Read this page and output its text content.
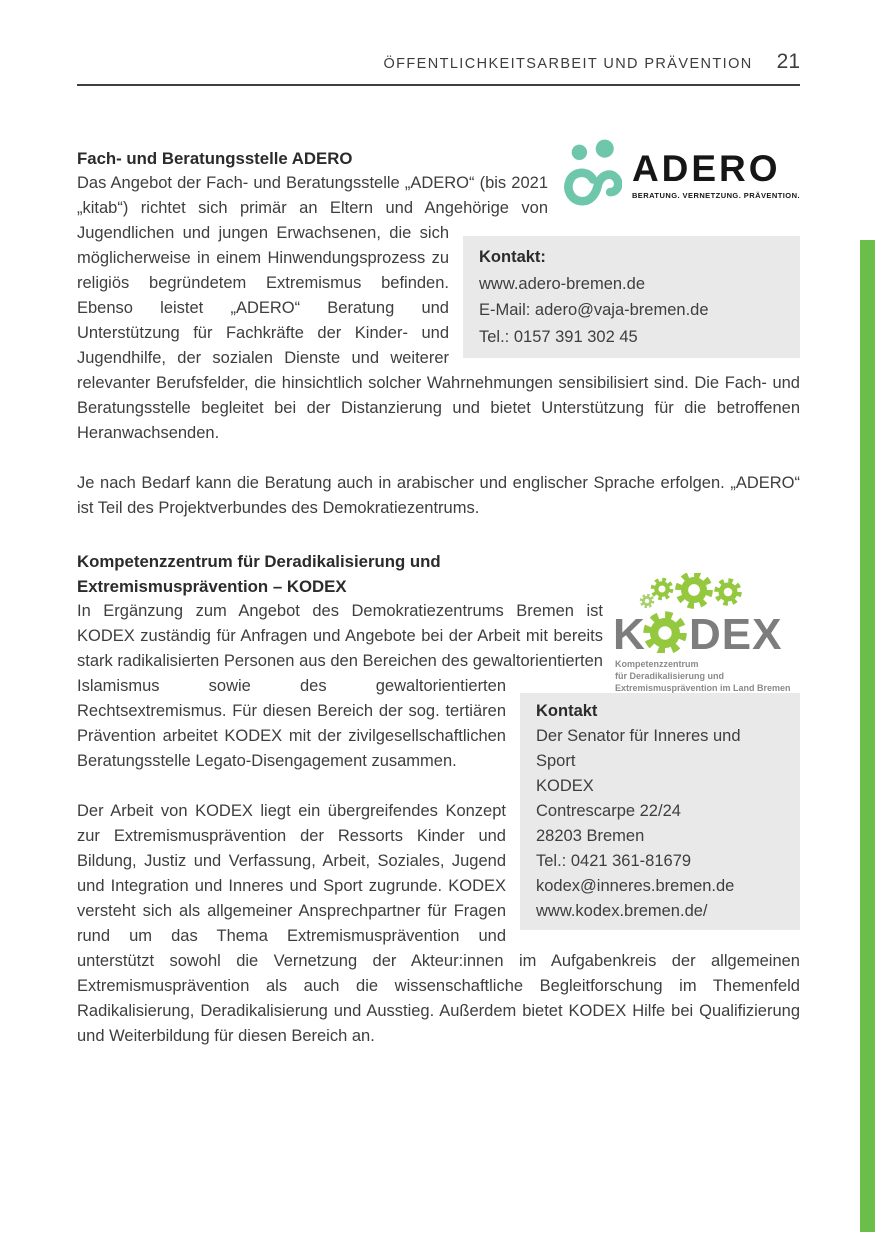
ÖFFENTLICHKEITSARBEIT UND PRÄVENTION 21
ADERO
BERATUNG. VERNETZUNG. PRÄVENTION.
Kontakt:
www.adero-bremen.de
E-Mail: adero@vaja-bremen.de
Tel.: 0157 391 302 45
Fach- und Beratungsstelle ADERO

Das Angebot der Fach- und Beratungsstelle „ADERO“ (bis 2021 „kitab“) richtet sich primär an Eltern und Angehörige von Jugendlichen und jungen Erwachsenen, die sich möglicherweise in einem Hinwendungsprozess zu religiös begründetem Extremismus befinden. Ebenso leistet „ADERO“ Beratung und Unterstützung für Fachkräfte der Kinder- und Jugendhilfe, der sozialen Dienste und weiterer relevanter Berufsfelder, die hinsichtlich solcher Wahrnehmungen sensibilisiert sind. Die Fach- und Beratungsstelle begleitet bei der Distanzierung und bietet Unterstützung für die betroffenen Heranwachsenden.

Je nach Bedarf kann die Beratung auch in arabischer und englischer Sprache erfolgen. „ADERO“ ist Teil des Projektverbundes des Demokratiezentrums.

K DEX
Kompetenzzentrum
für Deradikalisierung und
Extremismusprävention im Land Bremen
Kontakt
Der Senator für Inneres und Sport
KODEX
Contrescarpe 22/24
28203 Bremen
Tel.: 0421 361-81679
kodex@inneres.bremen.de
www.kodex.bremen.de/
Kompetenzzentrum für Deradikalisierung und
Extremismusprävention – KODEX

In Ergänzung zum Angebot des Demokratiezentrums Bremen ist KODEX zuständig für Anfragen und Angebote bei der Arbeit mit bereits stark radikalisierten Personen aus den Bereichen des gewaltorientierten Islamismus sowie des gewaltorientierten Rechtsextremismus. Für diesen Bereich der sog. tertiären Prävention arbeitet KODEX mit der zivilgesellschaftlichen Beratungsstelle Legato-Disengagement zusammen.

Der Arbeit von KODEX liegt ein übergreifendes Konzept zur Extremismusprävention der Ressorts Kinder und Bildung, Justiz und Verfassung, Arbeit, Soziales, Jugend und Integration und Inneres und Sport zugrunde. KODEX versteht sich als allgemeiner Ansprechpartner für Fragen rund um das Thema Extremismusprävention und unterstützt sowohl die Vernetzung der Akteur:innen im Aufgabenkreis der allgemeinen Extremismusprävention als auch die wissenschaftliche Begleitforschung im Themenfeld Radikalisierung, Deradikalisierung und Ausstieg. Außerdem bietet KODEX Hilfe bei Qualifizierung und Weiterbildung für diesen Bereich an.
